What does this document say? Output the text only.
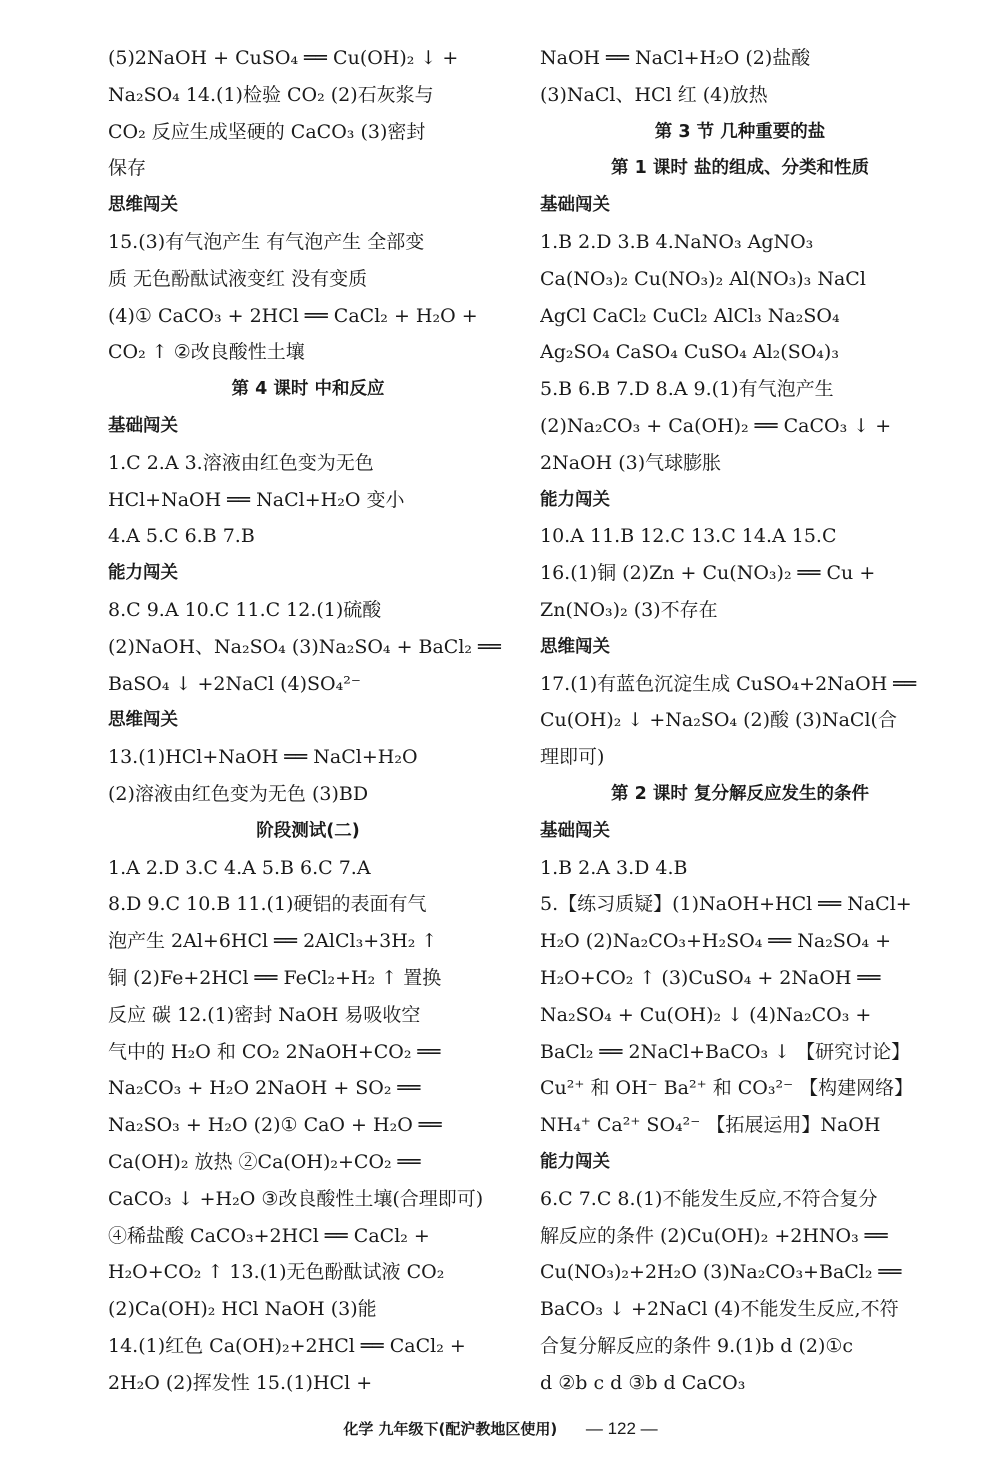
(5)2NaOH + CuSO₄ ══ Cu(OH)₂ ↓ +
Na₂SO₄ 14.(1)检验 CO₂ (2)石灰浆与
CO₂ 反应生成坚硬的 CaCO₃ (3)密封
保存
思维闯关
15.(3)有气泡产生 有气泡产生 全部变
质 无色酚酞试液变红 没有变质
(4)① CaCO₃ + 2HCl ══ CaCl₂ + H₂O +
CO₂ ↑ ②改良酸性土壤
第 4 课时 中和反应
基础闯关
1.C 2.A 3.溶液由红色变为无色
HCl+NaOH ══ NaCl+H₂O 变小
4.A 5.C 6.B 7.B
能力闯关
8.C 9.A 10.C 11.C 12.(1)硫酸
(2)NaOH、Na₂SO₄ (3)Na₂SO₄ + BaCl₂ ══
BaSO₄ ↓ +2NaCl (4)SO₄²⁻
思维闯关
13.(1)HCl+NaOH ══ NaCl+H₂O
(2)溶液由红色变为无色 (3)BD
阶段测试(二)
1.A 2.D 3.C 4.A 5.B 6.C 7.A
8.D 9.C 10.B 11.(1)硬铝的表面有气
泡产生 2Al+6HCl ══ 2AlCl₃+3H₂ ↑
铜 (2)Fe+2HCl ══ FeCl₂+H₂ ↑ 置换
反应 碳 12.(1)密封 NaOH 易吸收空
气中的 H₂O 和 CO₂ 2NaOH+CO₂ ══
Na₂CO₃ + H₂O 2NaOH + SO₂ ══
Na₂SO₃ + H₂O (2)① CaO + H₂O ══
Ca(OH)₂ 放热 ②Ca(OH)₂+CO₂ ══
CaCO₃ ↓ +H₂O ③改良酸性土壤(合理即可)
④稀盐酸 CaCO₃+2HCl ══ CaCl₂ +
H₂O+CO₂ ↑ 13.(1)无色酚酞试液 CO₂
(2)Ca(OH)₂ HCl NaOH (3)能
14.(1)红色 Ca(OH)₂+2HCl ══ CaCl₂ +
2H₂O (2)挥发性 15.(1)HCl +
NaOH ══ NaCl+H₂O (2)盐酸
(3)NaCl、HCl 红 (4)放热
第 3 节 几种重要的盐
第 1 课时 盐的组成、分类和性质
基础闯关
1.B 2.D 3.B 4.NaNO₃ AgNO₃
Ca(NO₃)₂ Cu(NO₃)₂ Al(NO₃)₃ NaCl
AgCl CaCl₂ CuCl₂ AlCl₃ Na₂SO₄
Ag₂SO₄ CaSO₄ CuSO₄ Al₂(SO₄)₃
5.B 6.B 7.D 8.A 9.(1)有气泡产生
(2)Na₂CO₃ + Ca(OH)₂ ══ CaCO₃ ↓ +
2NaOH (3)气球膨胀
能力闯关
10.A 11.B 12.C 13.C 14.A 15.C
16.(1)铜 (2)Zn + Cu(NO₃)₂ ══ Cu +
Zn(NO₃)₂ (3)不存在
思维闯关
17.(1)有蓝色沉淀生成 CuSO₄+2NaOH ══
Cu(OH)₂ ↓ +Na₂SO₄ (2)酸 (3)NaCl(合
理即可)
第 2 课时 复分解反应发生的条件
基础闯关
1.B 2.A 3.D 4.B
5.【练习质疑】(1)NaOH+HCl ══ NaCl+
H₂O (2)Na₂CO₃+H₂SO₄ ══ Na₂SO₄ +
H₂O+CO₂ ↑ (3)CuSO₄ + 2NaOH ══
Na₂SO₄ + Cu(OH)₂ ↓ (4)Na₂CO₃ +
BaCl₂ ══ 2NaCl+BaCO₃ ↓ 【研究讨论】
Cu²⁺ 和 OH⁻ Ba²⁺ 和 CO₃²⁻ 【构建网络】
NH₄⁺ Ca²⁺ SO₄²⁻ 【拓展运用】NaOH
能力闯关
6.C 7.C 8.(1)不能发生反应,不符合复分
解反应的条件 (2)Cu(OH)₂ +2HNO₃ ══
Cu(NO₃)₂+2H₂O (3)Na₂CO₃+BaCl₂ ══
BaCO₃ ↓ +2NaCl (4)不能发生反应,不符
合复分解反应的条件 9.(1)b d (2)①c
d ②b c d ③b d CaCO₃
化学 九年级下(配沪教地区使用) — 122 —
